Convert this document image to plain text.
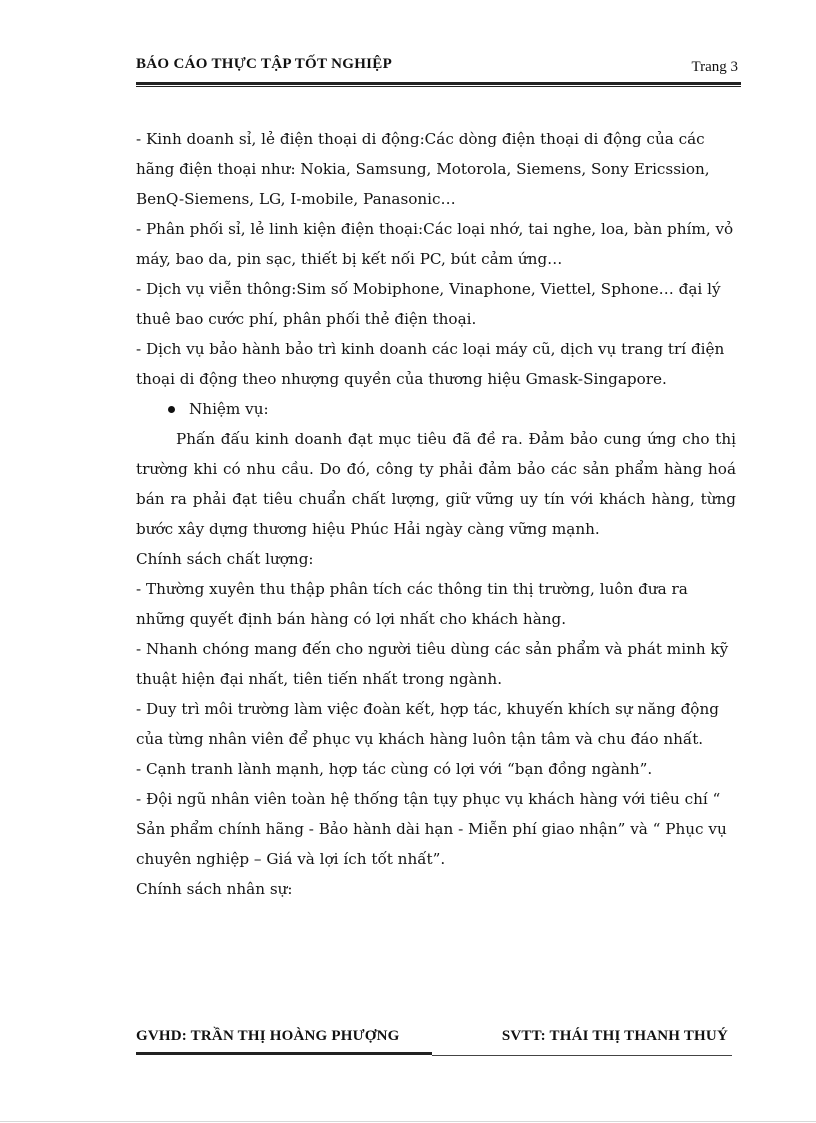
BÁO CÁO THỰC TẬP TỐT NGHIỆP	Trang 3

- Kinh doanh sỉ, lẻ điện thoại di động:Các dòng điện thoại di động của các hãng điện thoại như: Nokia, Samsung, Motorola, Siemens, Sony Ericssion, BenQ-Siemens, LG, I-mobile, Panasonic…

- Phân phối sỉ, lẻ linh kiện điện thoại:Các loại nhớ, tai nghe, loa, bàn phím, vỏ máy, bao da, pin sạc, thiết bị kết nối PC, bút cảm ứng…

- Dịch vụ viễn thông:Sim số Mobiphone, Vinaphone, Viettel, Sphone… đại lý thuê bao cước phí, phân phối thẻ điện thoại.

- Dịch vụ bảo hành bảo trì kinh doanh các loại máy cũ, dịch vụ trang trí điện thoại di động theo nhượng quyền của thương hiệu Gmask-Singapore.

Nhiệm vụ:

Phấn đấu kinh doanh đạt mục tiêu đã đề ra. Đảm bảo cung ứng cho thị trường khi có nhu cầu. Do đó, công ty phải đảm bảo các sản phẩm hàng hoá bán ra phải đạt tiêu chuẩn chất lượng, giữ vững uy tín với khách hàng, từng bước xây dựng thương hiệu Phúc Hải ngày càng vững mạnh.

Chính sách chất lượng:

- Thường xuyên thu thập phân tích các thông tin thị trường, luôn đưa ra những quyết định bán hàng có lợi nhất cho khách hàng.

- Nhanh chóng mang đến cho người tiêu dùng các sản phẩm và phát minh kỹ thuật hiện đại nhất, tiên tiến nhất trong ngành.

- Duy trì môi trường làm việc đoàn kết, hợp tác, khuyến khích sự năng động của từng nhân viên để phục vụ khách hàng luôn tận tâm và chu đáo nhất.

- Cạnh tranh lành mạnh, hợp tác cùng có lợi với “bạn đồng ngành”.

- Đội ngũ nhân viên toàn hệ thống tận tụy phục vụ khách hàng với tiêu chí “ Sản phẩm chính hãng - Bảo hành dài hạn - Miễn phí giao nhận” và “ Phục vụ chuyên nghiệp – Giá và lợi ích tốt nhất”.

Chính sách nhân sự:

GVHD: TRẦN THỊ HOÀNG PHƯỢNG	SVTT: THÁI THỊ THANH THUÝ
